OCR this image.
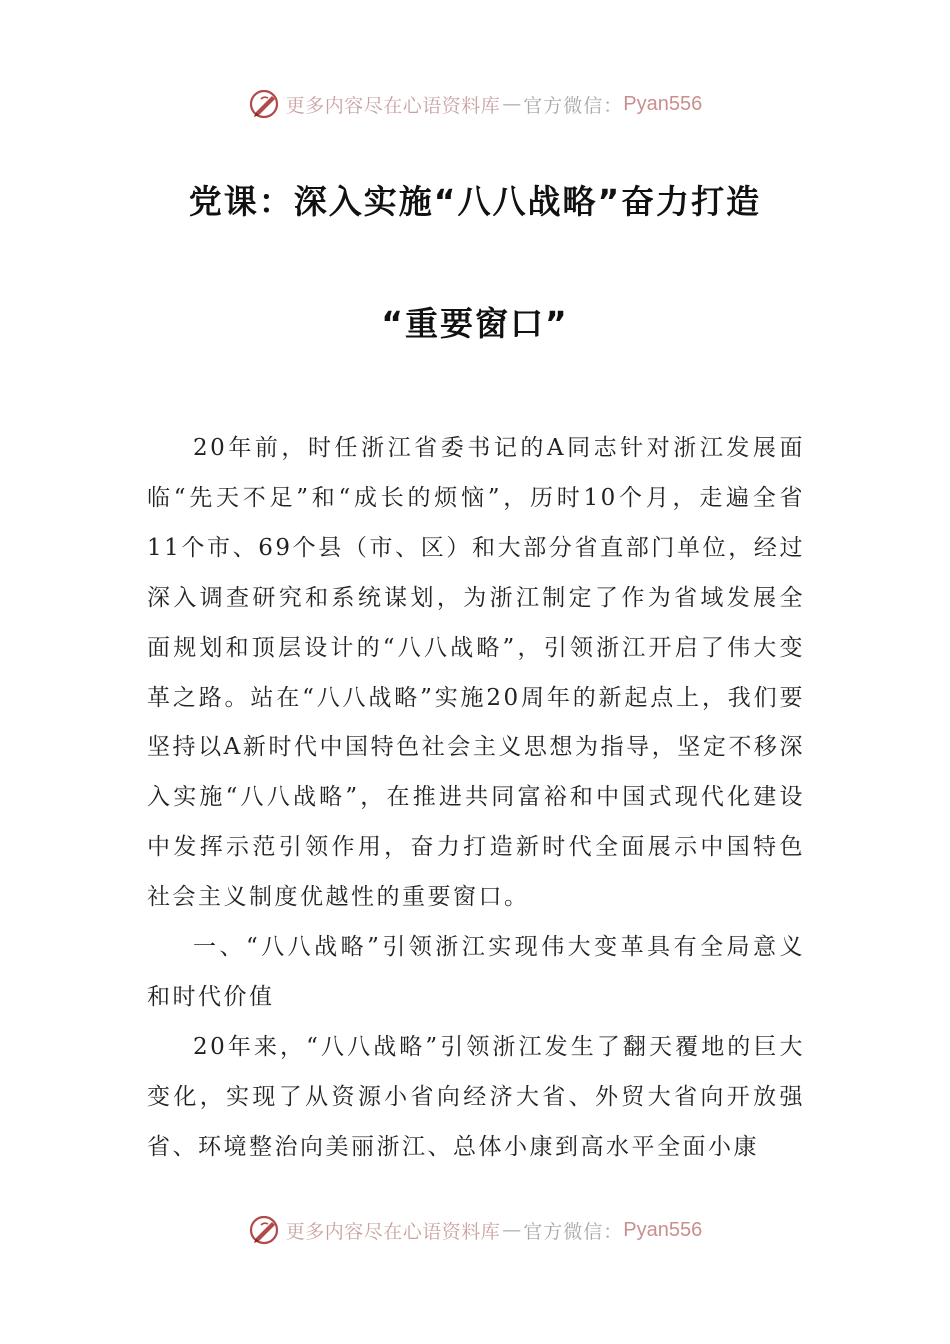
更多内容尽在心语资料库 — 官方微信： Pyan556
党课：深入实施“八八战略”奋力打造
“重要窗口”

20年前，时任浙江省委书记的A同志针对浙江发展面临“先天不足”和“成长的烦恼”，历时10个月，走遍全省11个市、69个县（市、区）和大部分省直部门单位，经过深入调查研究和系统谋划，为浙江制定了作为省域发展全面规划和顶层设计的“八八战略”，引领浙江开启了伟大变革之路。站在“八八战略”实施20周年的新起点上，我们要坚持以A新时代中国特色社会主义思想为指导，坚定不移深入实施“八八战略”，在推进共同富裕和中国式现代化建设中发挥示范引领作用，奋力打造新时代全面展示中国特色社会主义制度优越性的重要窗口。

一、“八八战略”引领浙江实现伟大变革具有全局意义和时代价值

20年来，“八八战略”引领浙江发生了翻天覆地的巨大变化，实现了从资源小省向经济大省、外贸大省向开放强省、环境整治向美丽浙江、总体小康到高水平全面小康

更多内容尽在心语资料库 — 官方微信： Pyan556
